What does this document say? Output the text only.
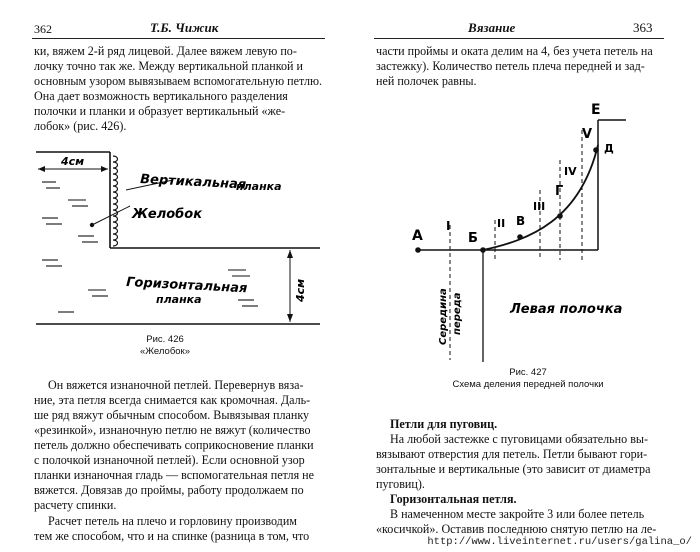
362	Т.Б. Чижик
ки, вяжем 2-й ряд лицевой. Далее вяжем левую по-
лочку точно так же. Между вертикальной планкой и
основным узором вывязываем вспомогательную петлю.
Она дает возможность вертикального разделения
полочки и планки и образует вертикальный «же-
лобок» (рис. 426).
4см
Вертикальная
планка
Желобок
Горизонтальная
планка	4см
Рис. 426
«Желобок»
Он вяжется изнаночной петлей. Перевернув вяза-
ние, эта петля всегда снимается как кромочная. Даль-
ше ряд вяжут обычным способом. Вывязывая планку
«резинкой», изнаночную петлю не вяжут (количество
петель должно обеспечивать соприкосновение планки
с полочкой изнаночной петлей). Если основной узор
планки изнаночная гладь — вспомогательная петля не
вяжется. Довязав до проймы, работу продолжаем по
расчету спинки.
Расчет петель на плечо и горловину производим
тем же способом, что и на спинке (разница в том, что
Вязание	363
части проймы и оката делим на 4, без учета петель на
застежку). Количество петель плеча передней и зад-
ней полочек равны.
А	Б
В
Г
Д
Е
I	II
III
IV
V
Середина переда	Левая полочка
Рис. 427
Схема деления передней полочки
Петли для пуговиц.
На любой застежке с пуговицами обязательно вы-
вязывают отверстия для петель. Петли бывают гори-
зонтальные и вертикальные (это зависит от диаметра
пуговиц).
Горизонтальная петля.
В намеченном месте закройте 3 или более петель
«косичкой». Оставив последнюю снятую петлю на ле-
http://www.liveinternet.ru/users/galina_o/
